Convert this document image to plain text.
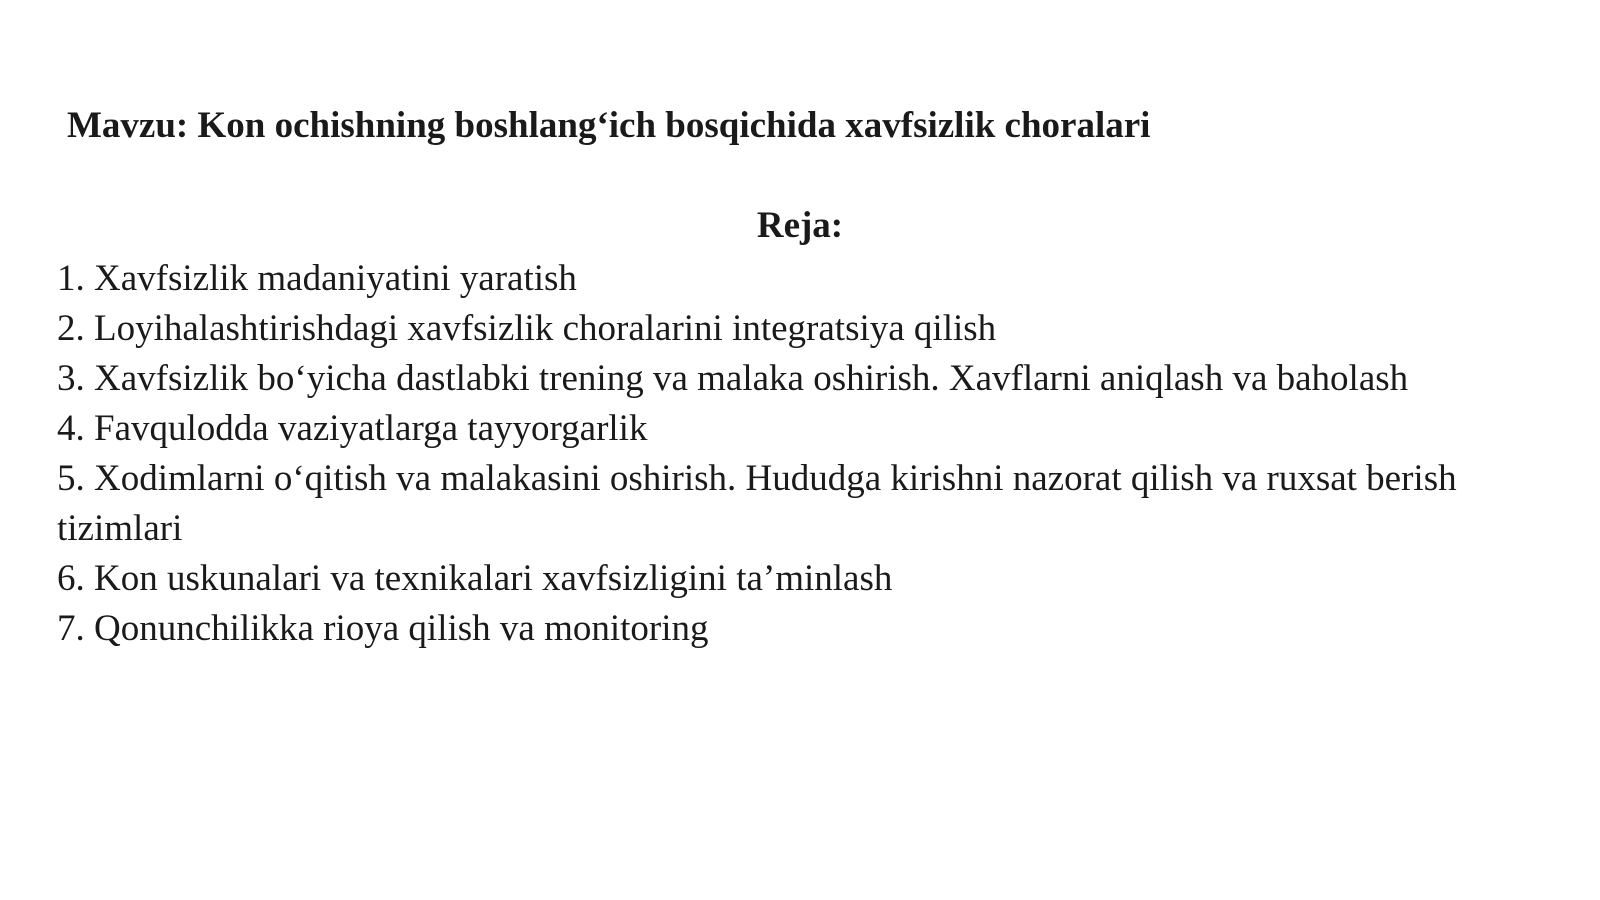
Mavzu: Kon ochishning boshlang‘ich bosqichida xavfsizlik choralari
Reja:
1. Xavfsizlik madaniyatini yaratish
2. Loyihalashtirishdagi xavfsizlik choralarini integratsiya qilish
3. Xavfsizlik bo‘yicha dastlabki trening va malaka oshirish. Xavflarni aniqlash va baholash
4. Favqulodda vaziyatlarga tayyorgarlik
5. Xodimlarni o‘qitish va malakasini oshirish. Hududga kirishni nazorat qilish va ruxsat berish tizimlari
6. Kon uskunalari va texnikalari xavfsizligini ta’minlash
7. Qonunchilikka rioya qilish va monitoring
